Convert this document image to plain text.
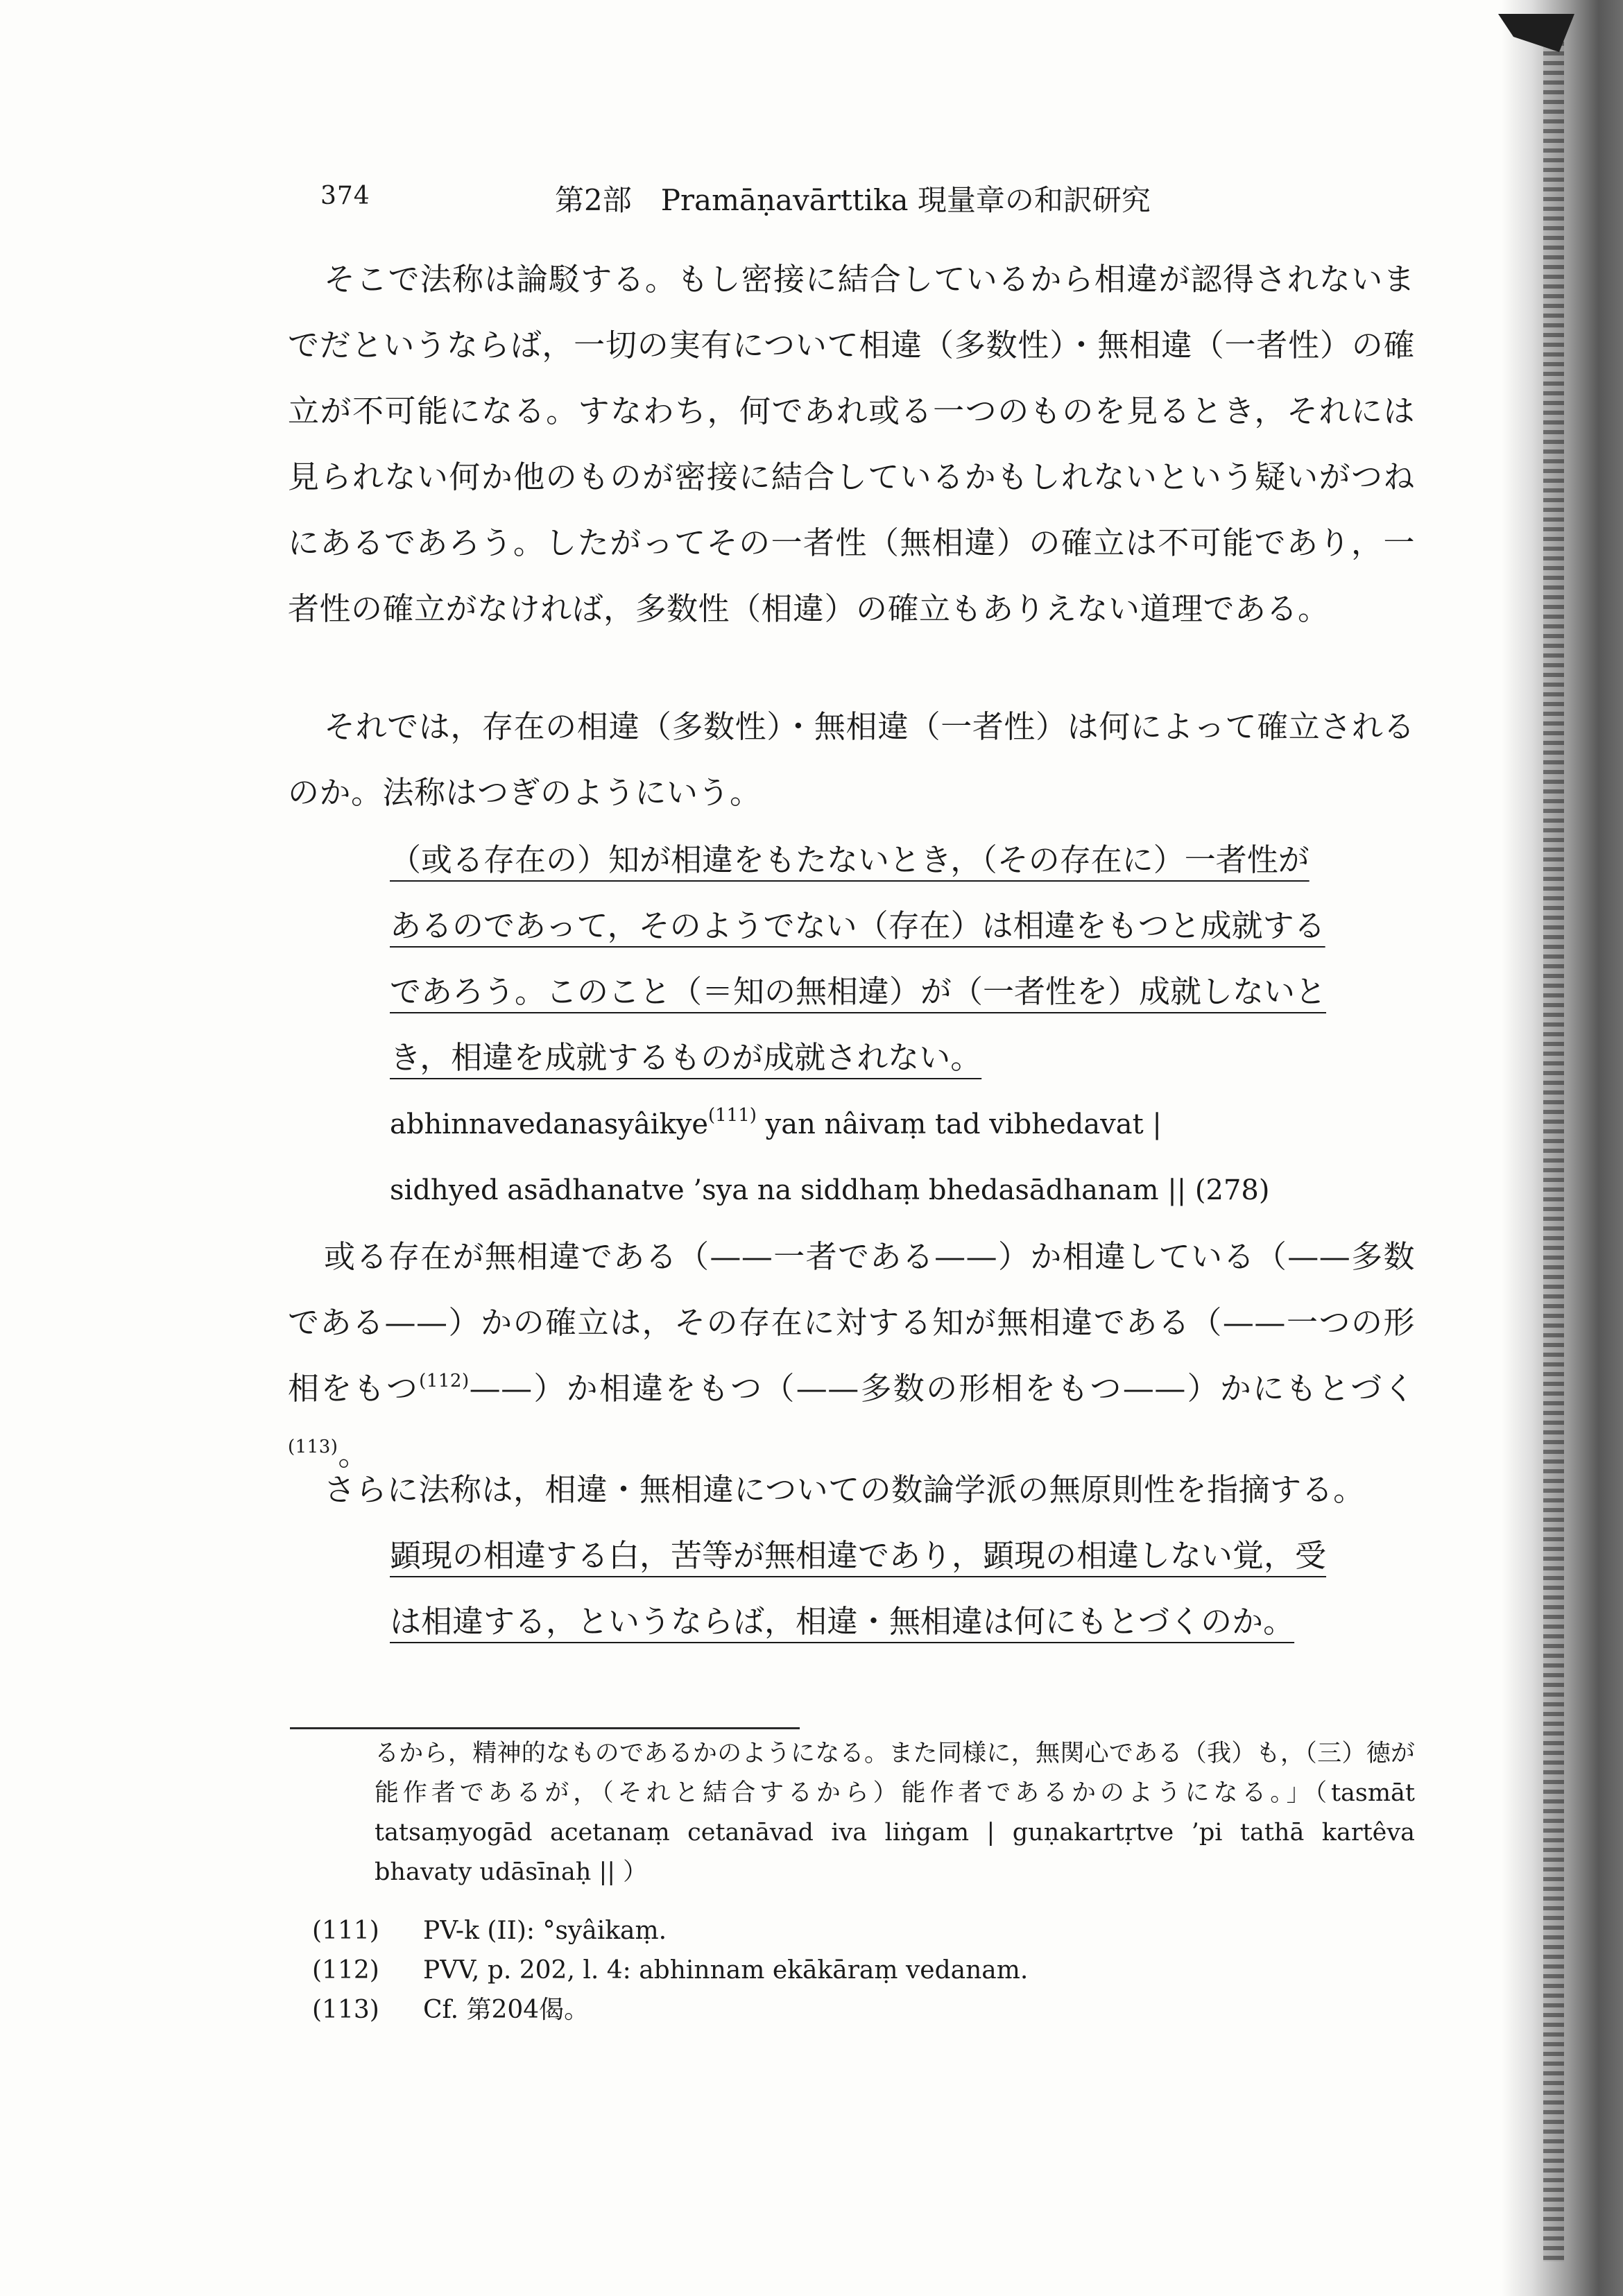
374	第2部　Pramāṇavārttika 現量章の和訳研究
そこで法称は論駁する。もし密接に結合しているから相違が認得されないまでだというならば，一切の実有について相違（多数性）・無相違（一者性）の確立が不可能になる。すなわち，何であれ或る一つのものを見るとき，それには見られない何か他のものが密接に結合しているかもしれないという疑いがつねにあるであろう。したがってその一者性（無相違）の確立は不可能であり，一者性の確立がなければ，多数性（相違）の確立もありえない道理である。
それでは，存在の相違（多数性）・無相違（一者性）は何によって確立されるのか。法称はつぎのようにいう。
（或る存在の）知が相違をもたないとき，（その存在に）一者性があるのであって，そのようでない（存在）は相違をもつと成就するであろう。このこと（＝知の無相違）が（一者性を）成就しないとき，相違を成就するものが成就されない。
abhinnavedanasyâikye$^{(111)}$ yan nâivaṃ tad vibhedavat |
sidhyed asādhanatve ’sya na siddhaṃ bhedasādhanam || (278)
或る存在が無相違である（——一者である——）か相違している（——多数である——）かの確立は，その存在に対する知が無相違である（——一つの形相をもつ$^{(112)}$——）か相違をもつ（——多数の形相をもつ——）かにもとづく$^{(113)}$。
さらに法称は，相違・無相違についての数論学派の無原則性を指摘する。
顕現の相違する白，苦等が無相違であり，顕現の相違しない覚，受は相違する，というならば，相違・無相違は何にもとづくのか。
るから，精神的なものであるかのようになる。また同様に，無関心である（我）も，（三）徳が能作者であるが，（それと結合するから）能作者であるかのようになる。」（tasmāt tatsaṃyogād acetanaṃ cetanāvad iva liṅgam | guṇakartṛtve ’pi tathā kartêva bhavaty udāsīnaḥ || ）
(111) PV-k (II): °syâikaṃ.
(112) PVV, p. 202, l. 4: abhinnam ekākāraṃ vedanam.
(113) Cf. 第204偈。
